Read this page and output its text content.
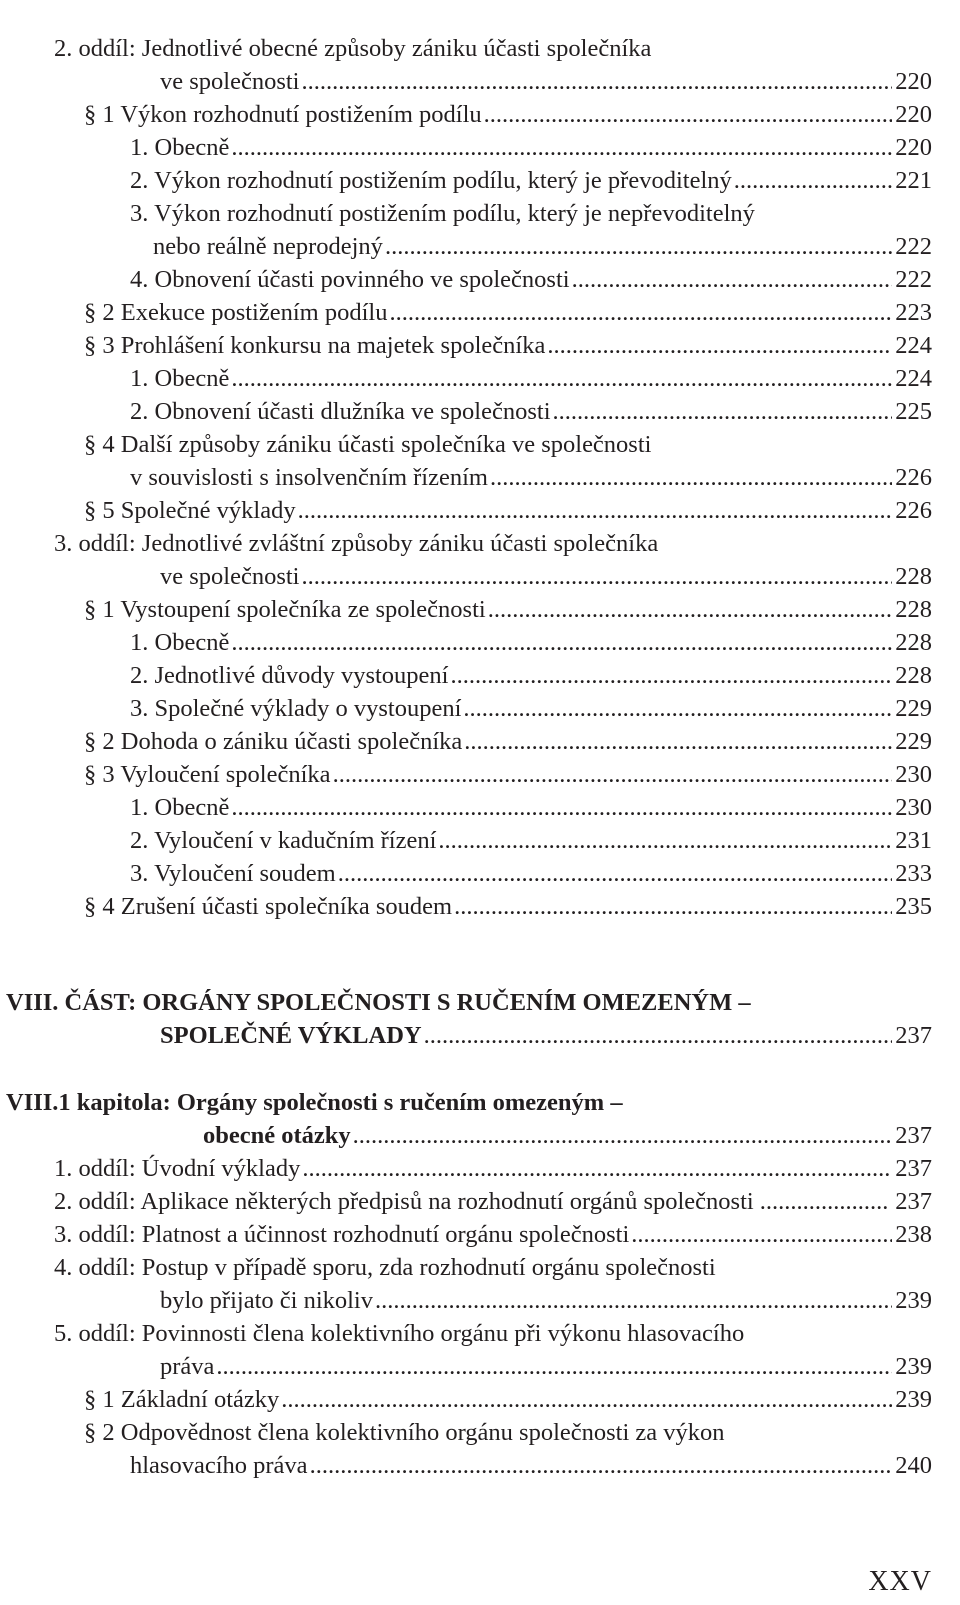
2. oddíl: Jednotlivé obecné způsoby zániku účasti společníka
ve společnosti .....	220
§ 1 Výkon rozhodnutí postižením podílu .....	220
1. Obecně .....	220
2. Výkon rozhodnutí postižením podílu, který je převoditelný .....	221
3. Výkon rozhodnutí postižením podílu, který je nepřevoditelný
nebo reálně neprodejný .....	222
4. Obnovení účasti povinného ve společnosti .....	222
§ 2 Exekuce postižením podílu .....	223
§ 3 Prohlášení konkursu na majetek společníka .....	224
1. Obecně .....	224
2. Obnovení účasti dlužníka ve společnosti .....	225
§ 4 Další způsoby zániku účasti společníka ve společnosti
v souvislosti s insolvenčním řízením .....	226
§ 5 Společné výklady .....	226
3. oddíl: Jednotlivé zvláštní způsoby zániku účasti společníka
ve společnosti .....	228
§ 1 Vystoupení společníka ze společnosti .....	228
1. Obecně .....	228
2. Jednotlivé důvody vystoupení .....	228
3. Společné výklady o vystoupení .....	229
§ 2 Dohoda o zániku účasti společníka .....	229
§ 3 Vyloučení společníka .....	230
1. Obecně .....	230
2. Vyloučení v kadučním řízení .....	231
3. Vyloučení soudem .....	233
§ 4 Zrušení účasti společníka soudem .....	235
VIII. ČÁST: ORGÁNY SPOLEČNOSTI S RUČENÍM OMEZENÝM –
SPOLEČNÉ VÝKLADY .....	237
VIII.1 kapitola: Orgány společnosti s ručením omezeným –
obecné otázky .....	237
1. oddíl: Úvodní výklady .....	237
2. oddíl: Aplikace některých předpisů na rozhodnutí orgánů společnosti .....	237
3. oddíl: Platnost a účinnost rozhodnutí orgánu společnosti .....	238
4. oddíl: Postup v případě sporu, zda rozhodnutí orgánu společnosti
bylo přijato či nikoliv .....	239
5. oddíl: Povinnosti člena kolektivního orgánu při výkonu hlasovacího
práva .....	239
§ 1 Základní otázky .....	239
§ 2 Odpovědnost člena kolektivního orgánu společnosti za výkon
hlasovacího práva .....	240
XXV
